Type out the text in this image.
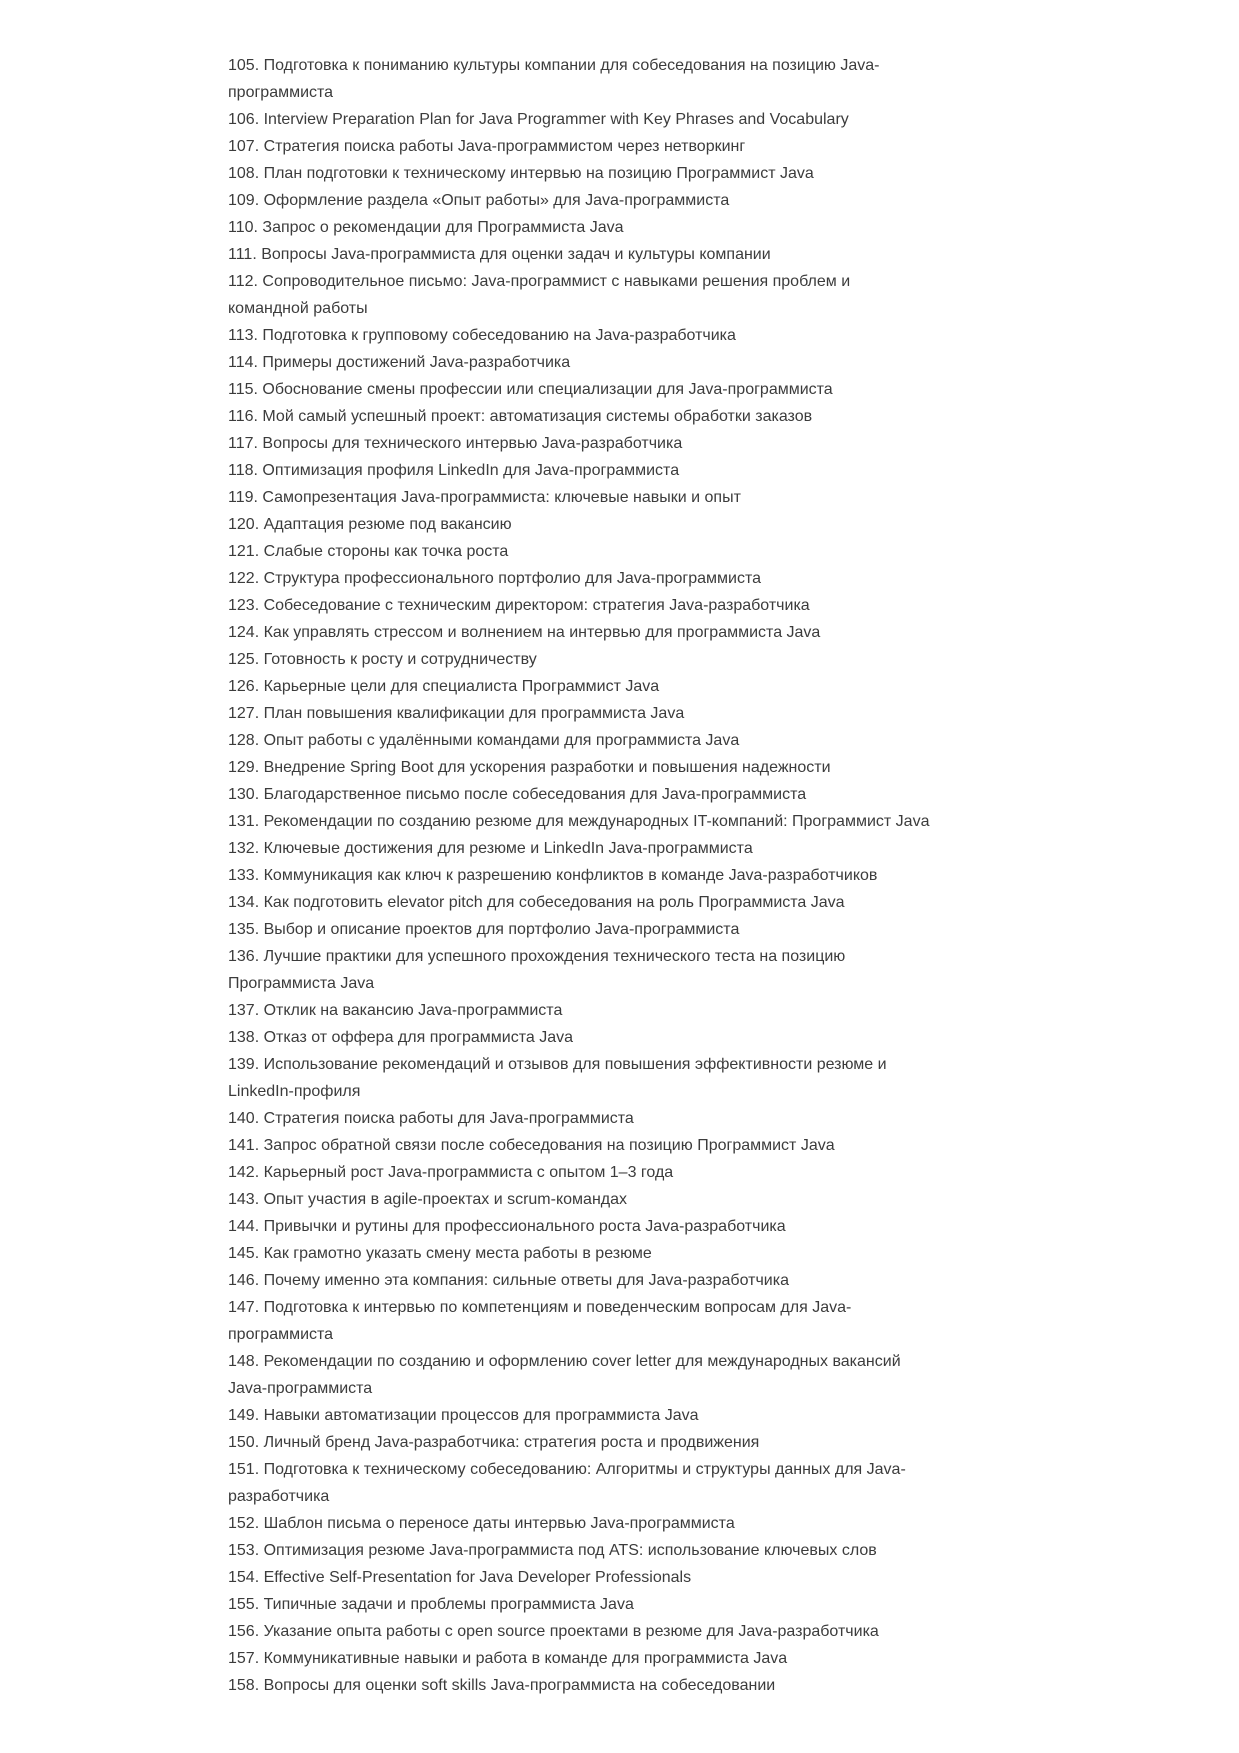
105. Подготовка к пониманию культуры компании для собеседования на позицию Java-
программиста

106. Interview Preparation Plan for Java Programmer with Key Phrases and Vocabulary

107. Стратегия поиска работы Java-программистом через нетворкинг

108. План подготовки к техническому интервью на позицию Программист Java

109. Оформление раздела «Опыт работы» для Java-программиста

110. Запрос о рекомендации для Программиста Java

111. Вопросы Java-программиста для оценки задач и культуры компании

112. Сопроводительное письмо: Java-программист с навыками решения проблем и
командной работы

113. Подготовка к групповому собеседованию на Java-разработчика

114. Примеры достижений Java-разработчика

115. Обоснование смены профессии или специализации для Java-программиста

116. Мой самый успешный проект: автоматизация системы обработки заказов

117. Вопросы для технического интервью Java-разработчика

118. Оптимизация профиля LinkedIn для Java-программиста

119. Самопрезентация Java-программиста: ключевые навыки и опыт

120. Адаптация резюме под вакансию

121. Слабые стороны как точка роста

122. Структура профессионального портфолио для Java-программиста

123. Собеседование с техническим директором: стратегия Java-разработчика

124. Как управлять стрессом и волнением на интервью для программиста Java

125. Готовность к росту и сотрудничеству

126. Карьерные цели для специалиста Программист Java

127. План повышения квалификации для программиста Java

128. Опыт работы с удалёнными командами для программиста Java

129. Внедрение Spring Boot для ускорения разработки и повышения надежности

130. Благодарственное письмо после собеседования для Java-программиста

131. Рекомендации по созданию резюме для международных IT-компаний: Программист Java

132. Ключевые достижения для резюме и LinkedIn Java-программиста

133. Коммуникация как ключ к разрешению конфликтов в команде Java-разработчиков

134. Как подготовить elevator pitch для собеседования на роль Программиста Java

135. Выбор и описание проектов для портфолио Java-программиста

136. Лучшие практики для успешного прохождения технического теста на позицию
Программиста Java

137. Отклик на вакансию Java-программиста

138. Отказ от оффера для программиста Java

139. Использование рекомендаций и отзывов для повышения эффективности резюме и
LinkedIn-профиля

140. Стратегия поиска работы для Java-программиста

141. Запрос обратной связи после собеседования на позицию Программист Java

142. Карьерный рост Java-программиста с опытом 1–3 года

143. Опыт участия в agile-проектах и scrum-командах

144. Привычки и рутины для профессионального роста Java-разработчика

145. Как грамотно указать смену места работы в резюме

146. Почему именно эта компания: сильные ответы для Java-разработчика

147. Подготовка к интервью по компетенциям и поведенческим вопросам для Java-
программиста

148. Рекомендации по созданию и оформлению cover letter для международных вакансий
Java-программиста

149. Навыки автоматизации процессов для программиста Java

150. Личный бренд Java-разработчика: стратегия роста и продвижения

151. Подготовка к техническому собеседованию: Алгоритмы и структуры данных для Java-
разработчика

152. Шаблон письма о переносе даты интервью Java-программиста

153. Оптимизация резюме Java-программиста под ATS: использование ключевых слов

154. Effective Self-Presentation for Java Developer Professionals

155. Типичные задачи и проблемы программиста Java

156. Указание опыта работы с open source проектами в резюме для Java-разработчика

157. Коммуникативные навыки и работа в команде для программиста Java

158. Вопросы для оценки soft skills Java-программиста на собеседовании
